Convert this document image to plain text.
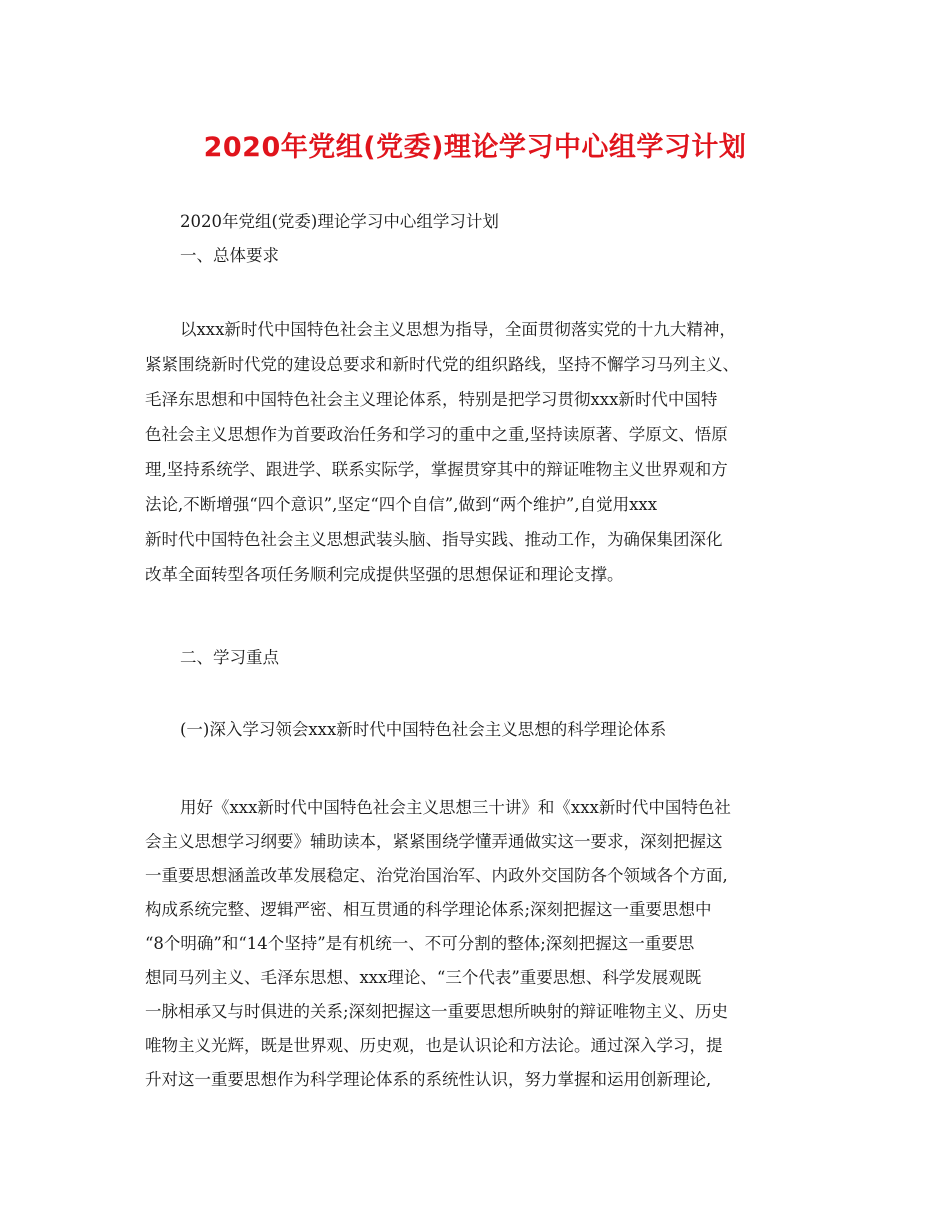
2020年党组(党委)理论学习中心组学习计划
2020年党组(党委)理论学习中心组学习计划
一、总体要求
以xxx新时代中国特色社会主义思想为指导，全面贯彻落实党的十九大精神，
紧紧围绕新时代党的建设总要求和新时代党的组织路线，坚持不懈学习马列主义、
毛泽东思想和中国特色社会主义理论体系，特别是把学习贯彻xxx新时代中国特
色社会主义思想作为首要政治任务和学习的重中之重,坚持读原著、学原文、悟原
理,坚持系统学、跟进学、联系实际学，掌握贯穿其中的辩证唯物主义世界观和方
法论,不断增强“四个意识”,坚定“四个自信”,做到“两个维护”,自觉用xxx
新时代中国特色社会主义思想武装头脑、指导实践、推动工作，为确保集团深化
改革全面转型各项任务顺利完成提供坚强的思想保证和理论支撑。
二、学习重点
(一)深入学习领会xxx新时代中国特色社会主义思想的科学理论体系
用好《xxx新时代中国特色社会主义思想三十讲》和《xxx新时代中国特色社
会主义思想学习纲要》辅助读本，紧紧围绕学懂弄通做实这一要求，深刻把握这
一重要思想涵盖改革发展稳定、治党治国治军、内政外交国防各个领域各个方面,
构成系统完整、逻辑严密、相互贯通的科学理论体系;深刻把握这一重要思想中
“8个明确”和“14个坚持”是有机统一、不可分割的整体;深刻把握这一重要思
想同马列主义、毛泽东思想、xxx理论、“三个代表”重要思想、科学发展观既
一脉相承又与时俱进的关系;深刻把握这一重要思想所映射的辩证唯物主义、历史
唯物主义光辉，既是世界观、历史观，也是认识论和方法论。通过深入学习，提
升对这一重要思想作为科学理论体系的系统性认识，努力掌握和运用创新理论,
